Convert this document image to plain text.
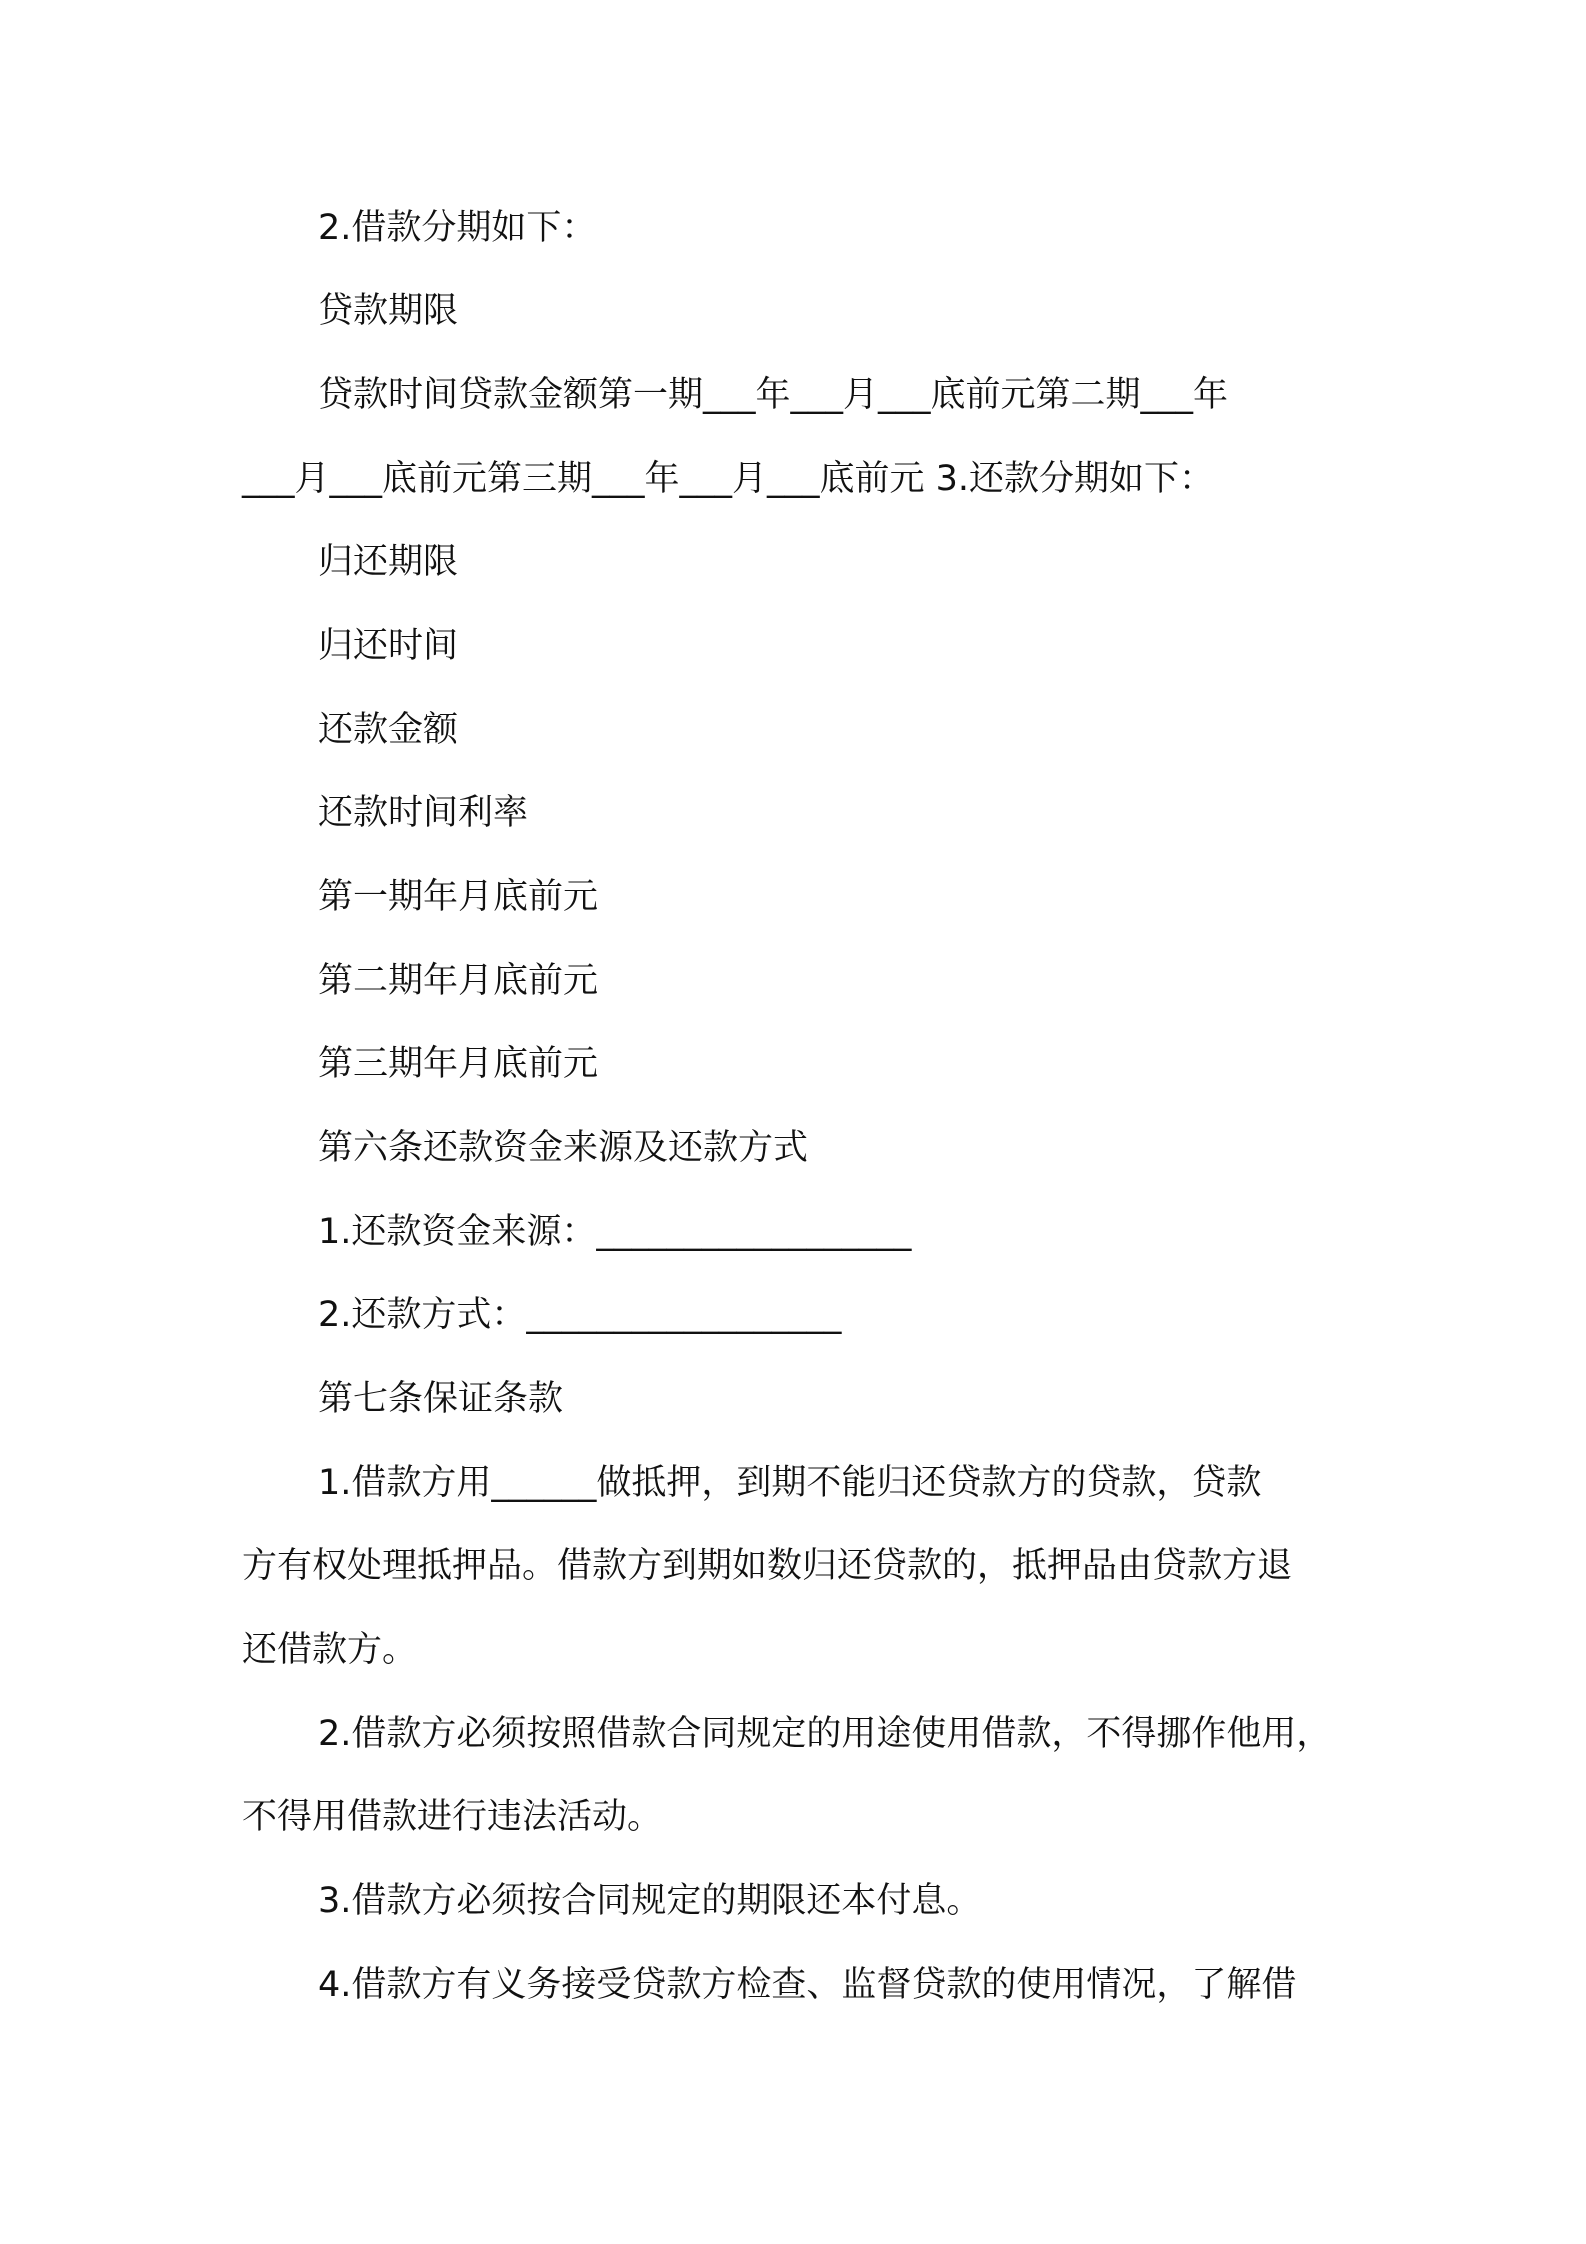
2.借款分期如下：

贷款期限

贷款时间贷款金额第一期___年___月___底前元第二期___年

___月___底前元第三期___年___月___底前元 3.还款分期如下：

归还期限

归还时间

还款金额

还款时间利率

第一期年月底前元

第二期年月底前元

第三期年月底前元

第六条还款资金来源及还款方式

1.还款资金来源：__________________

2.还款方式：__________________

第七条保证条款

1.借款方用______做抵押，到期不能归还贷款方的贷款，贷款

方有权处理抵押品。借款方到期如数归还贷款的，抵押品由贷款方退

还借款方。

2.借款方必须按照借款合同规定的用途使用借款，不得挪作他用，

不得用借款进行违法活动。

3.借款方必须按合同规定的期限还本付息。

4.借款方有义务接受贷款方检查、监督贷款的使用情况，了解借
